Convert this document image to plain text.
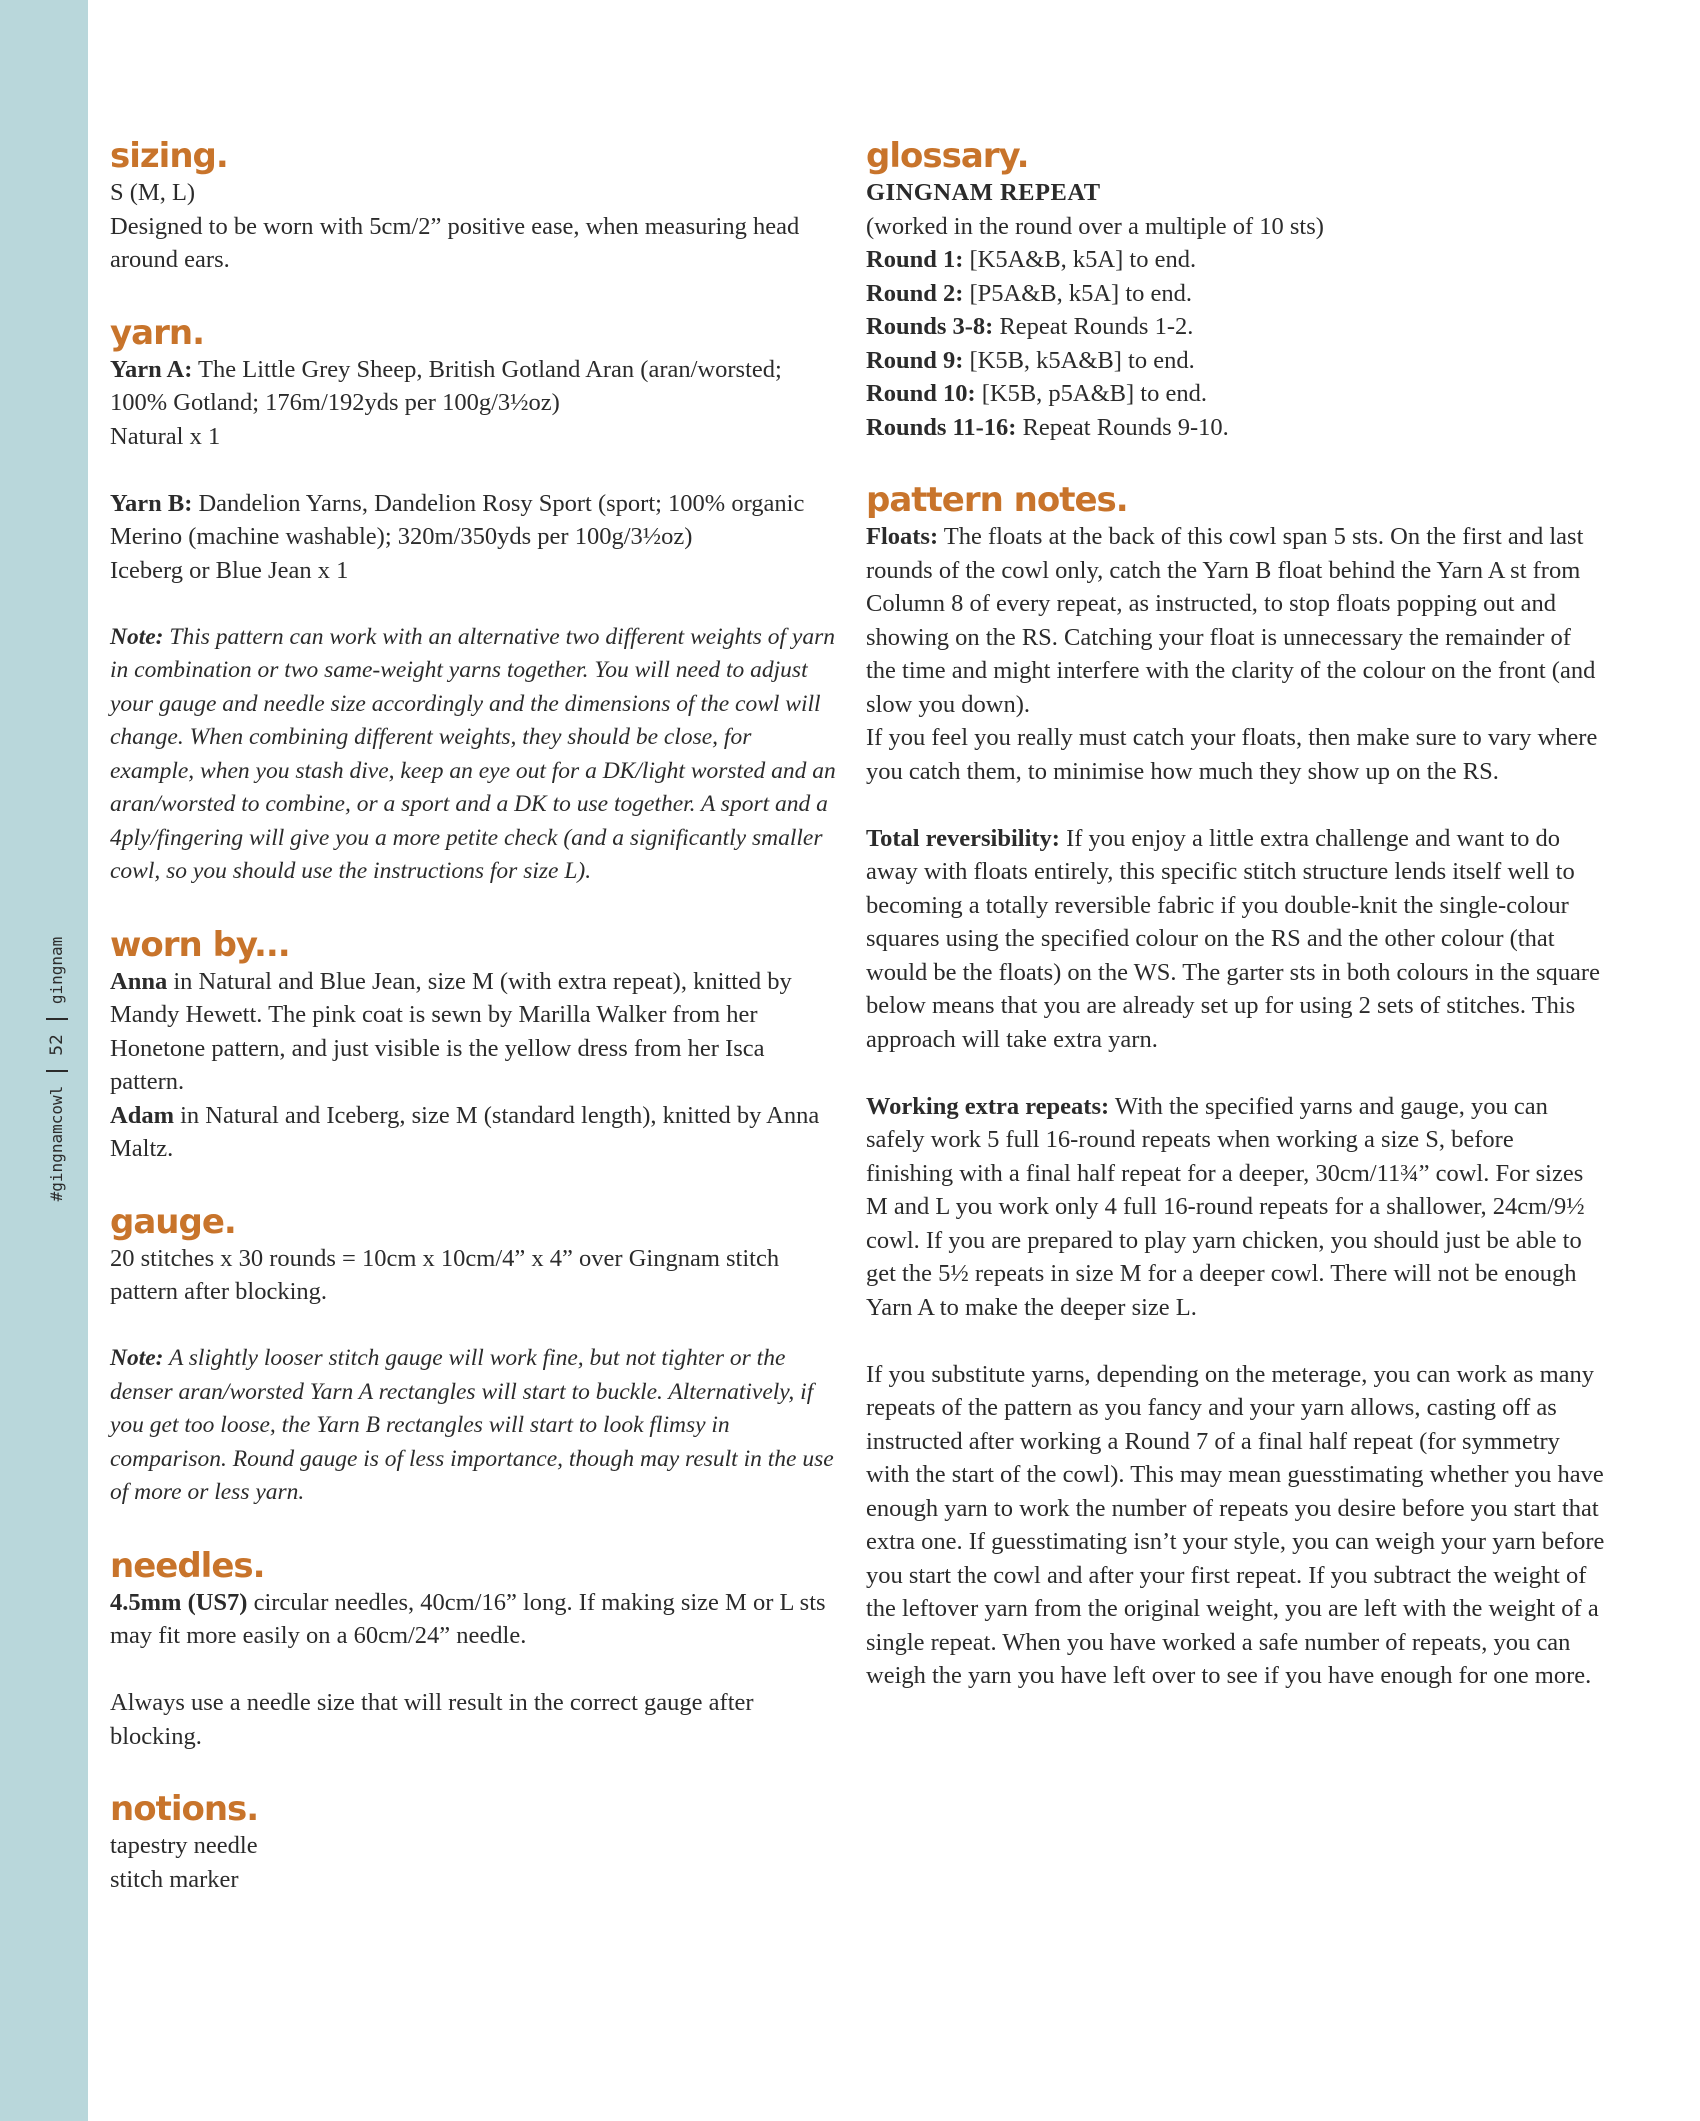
#gingnamcowl
52
gingnam
sizing.

S (M, L)

Designed to be worn with 5cm/2” positive ease, when measuring head around ears.

yarn.

Yarn A: The Little Grey Sheep, British Gotland Aran (aran/worsted; 100% Gotland; 176m/192yds per 100g/3½oz)

Natural x 1

Yarn B: Dandelion Yarns, Dandelion Rosy Sport (sport; 100% organic Merino (machine washable); 320m/350yds per 100g/3½oz)

Iceberg or Blue Jean x 1

Note: This pattern can work with an alternative two different weights of yarn in combination or two same-weight yarns together. You will need to adjust your gauge and needle size accordingly and the dimensions of the cowl will change. When combining different weights, they should be close, for example, when you stash dive, keep an eye out for a DK/light worsted and an aran/worsted to combine, or a sport and a DK to use together. A sport and a 4ply/fingering will give you a more petite check (and a significantly smaller cowl, so you should use the instructions for size L).

worn by...

Anna in Natural and Blue Jean, size M (with extra repeat), knitted by Mandy Hewett. The pink coat is sewn by Marilla Walker from her Honetone pattern, and just visible is the yellow dress from her Isca pattern.

Adam in Natural and Iceberg, size M (standard length), knitted by Anna Maltz.

gauge.

20 stitches x 30 rounds = 10cm x 10cm/4” x 4” over Gingnam stitch pattern after blocking.

Note: A slightly looser stitch gauge will work fine, but not tighter or the denser aran/worsted Yarn A rectangles will start to buckle. Alternatively, if you get too loose, the Yarn B rectangles will start to look flimsy in comparison. Round gauge is of less importance, though may result in the use of more or less yarn.

needles.

4.5mm (US7) circular needles, 40cm/16” long. If making size M or L sts may fit more easily on a 60cm/24” needle.

Always use a needle size that will result in the correct gauge after blocking.

notions.

tapestry needle

stitch marker

glossary.

GINGNAM REPEAT

(worked in the round over a multiple of 10 sts)

Round 1: [K5A&B, k5A] to end.

Round 2: [P5A&B, k5A] to end.

Rounds 3-8: Repeat Rounds 1-2.

Round 9: [K5B, k5A&B] to end.

Round 10: [K5B, p5A&B] to end.

Rounds 11-16: Repeat Rounds 9-10.

pattern notes.

Floats: The floats at the back of this cowl span 5 sts. On the first and last rounds of the cowl only, catch the Yarn B float behind the Yarn A st from Column 8 of every repeat, as instructed, to stop floats popping out and showing on the RS. Catching your float is unnecessary the remainder of the time and might interfere with the clarity of the colour on the front (and slow you down).

If you feel you really must catch your floats, then make sure to vary where you catch them, to minimise how much they show up on the RS.

Total reversibility: If you enjoy a little extra challenge and want to do away with floats entirely, this specific stitch structure lends itself well to becoming a totally reversible fabric if you double-knit the single-colour squares using the specified colour on the RS and the other colour (that would be the floats) on the WS. The garter sts in both colours in the square below means that you are already set up for using 2 sets of stitches. This approach will take extra yarn.

Working extra repeats: With the specified yarns and gauge, you can safely work 5 full 16-round repeats when working a size S, before finishing with a final half repeat for a deeper, 30cm/11¾” cowl. For sizes M and L you work only 4 full 16-round repeats for a shallower, 24cm/9½ cowl. If you are prepared to play yarn chicken, you should just be able to get the 5½ repeats in size M for a deeper cowl. There will not be enough Yarn A to make the deeper size L.

If you substitute yarns, depending on the meterage, you can work as many repeats of the pattern as you fancy and your yarn allows, casting off as instructed after working a Round 7 of a final half repeat (for symmetry with the start of the cowl). This may mean guesstimating whether you have enough yarn to work the number of repeats you desire before you start that extra one. If guesstimating isn’t your style, you can weigh your yarn before you start the cowl and after your first repeat. If you subtract the weight of the leftover yarn from the original weight, you are left with the weight of a single repeat. When you have worked a safe number of repeats, you can weigh the yarn you have left over to see if you have enough for one more.
